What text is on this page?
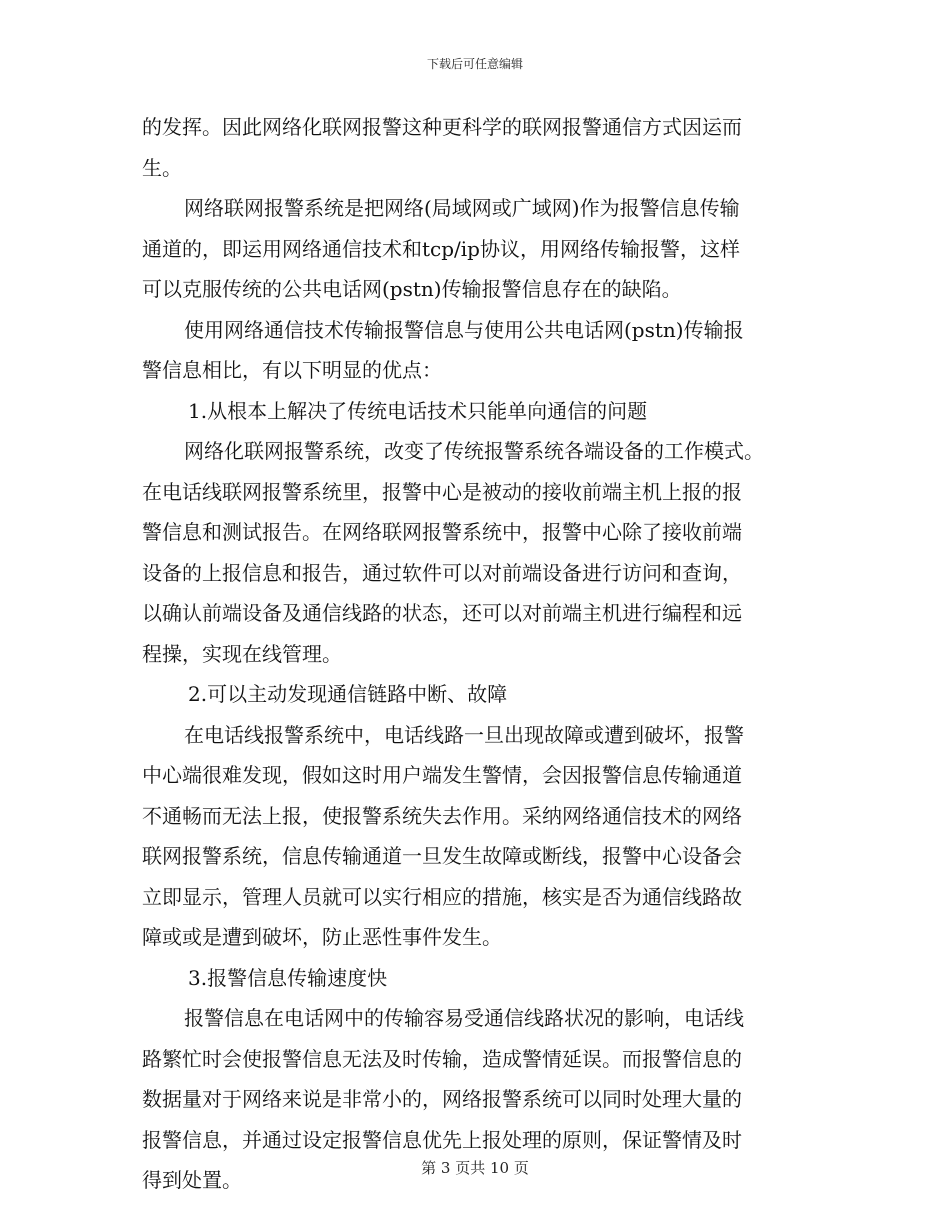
下载后可任意编辑
的发挥。因此网络化联网报警这种更科学的联网报警通信方式因运而
生。
网络联网报警系统是把网络(局域网或广域网)作为报警信息传输
通道的，即运用网络通信技术和tcp/ip协议，用网络传输报警，这样
可以克服传统的公共电话网(pstn)传输报警信息存在的缺陷。
使用网络通信技术传输报警信息与使用公共电话网(pstn)传输报
警信息相比，有以下明显的优点：
1.从根本上解决了传统电话技术只能单向通信的问题
网络化联网报警系统，改变了传统报警系统各端设备的工作模式。
在电话线联网报警系统里，报警中心是被动的接收前端主机上报的报
警信息和测试报告。在网络联网报警系统中，报警中心除了接收前端
设备的上报信息和报告，通过软件可以对前端设备进行访问和查询，
以确认前端设备及通信线路的状态，还可以对前端主机进行编程和远
程操，实现在线管理。
2.可以主动发现通信链路中断、故障
在电话线报警系统中，电话线路一旦出现故障或遭到破坏，报警
中心端很难发现，假如这时用户端发生警情，会因报警信息传输通道
不通畅而无法上报，使报警系统失去作用。采纳网络通信技术的网络
联网报警系统，信息传输通道一旦发生故障或断线，报警中心设备会
立即显示，管理人员就可以实行相应的措施，核实是否为通信线路故
障或或是遭到破坏，防止恶性事件发生。
3.报警信息传输速度快
报警信息在电话网中的传输容易受通信线路状况的影响，电话线
路繁忙时会使报警信息无法及时传输，造成警情延误。而报警信息的
数据量对于网络来说是非常小的，网络报警系统可以同时处理大量的
报警信息，并通过设定报警信息优先上报处理的原则，保证警情及时
得到处置。	第 3 页共 10 页
